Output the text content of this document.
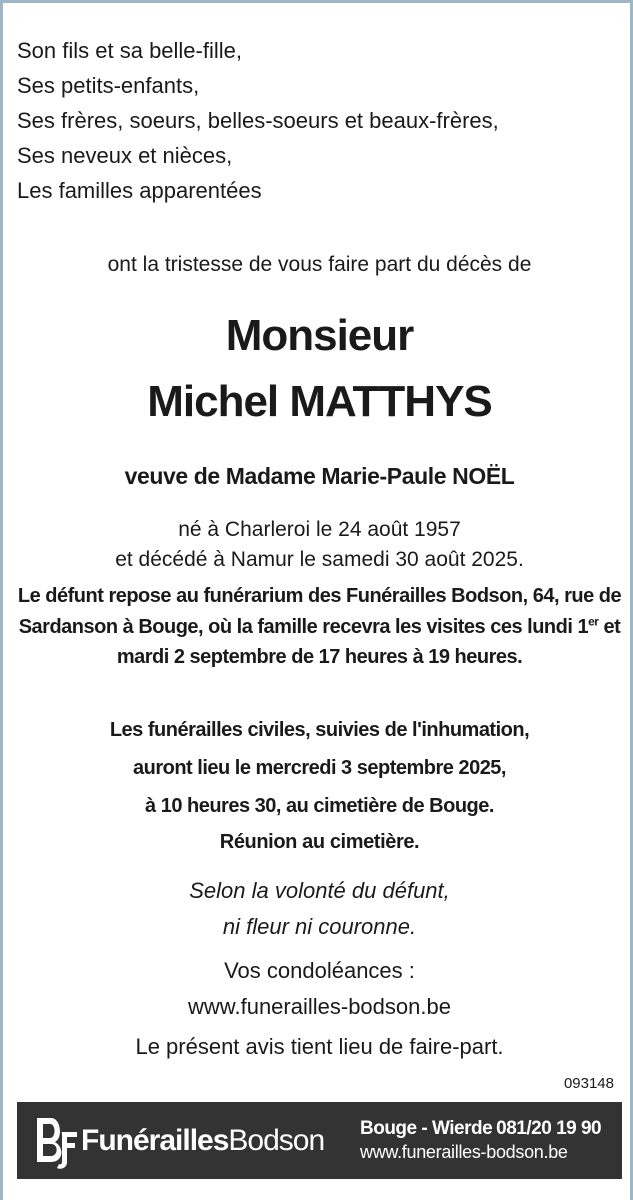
Son fils et sa belle-fille,
Ses petits-enfants,
Ses frères, soeurs, belles-soeurs et beaux-frères,
Ses neveux et nièces,
Les familles apparentées
ont la tristesse de vous faire part du décès de
Monsieur
Michel MATTHYS
veuve de Madame Marie-Paule NOËL
né à Charleroi le 24 août 1957
et décédé à Namur le samedi 30 août 2025.
Le défunt repose au funérarium des Funérailles Bodson, 64, rue de Sardanson à Bouge, où la famille recevra les visites ces lundi 1er et mardi 2 septembre de 17 heures à 19 heures.
Les funérailles civiles, suivies de l'inhumation,
auront lieu le mercredi 3 septembre 2025,
à 10 heures 30, au cimetière de Bouge.
Réunion au cimetière.
Selon la volonté du défunt,
ni fleur ni couronne.
Vos condoléances :
www.funerailles-bodson.be
Le présent avis tient lieu de faire-part.
093148
FunéraillesBodson Bouge - Wierde 081/20 19 90
www.funerailles-bodson.be
